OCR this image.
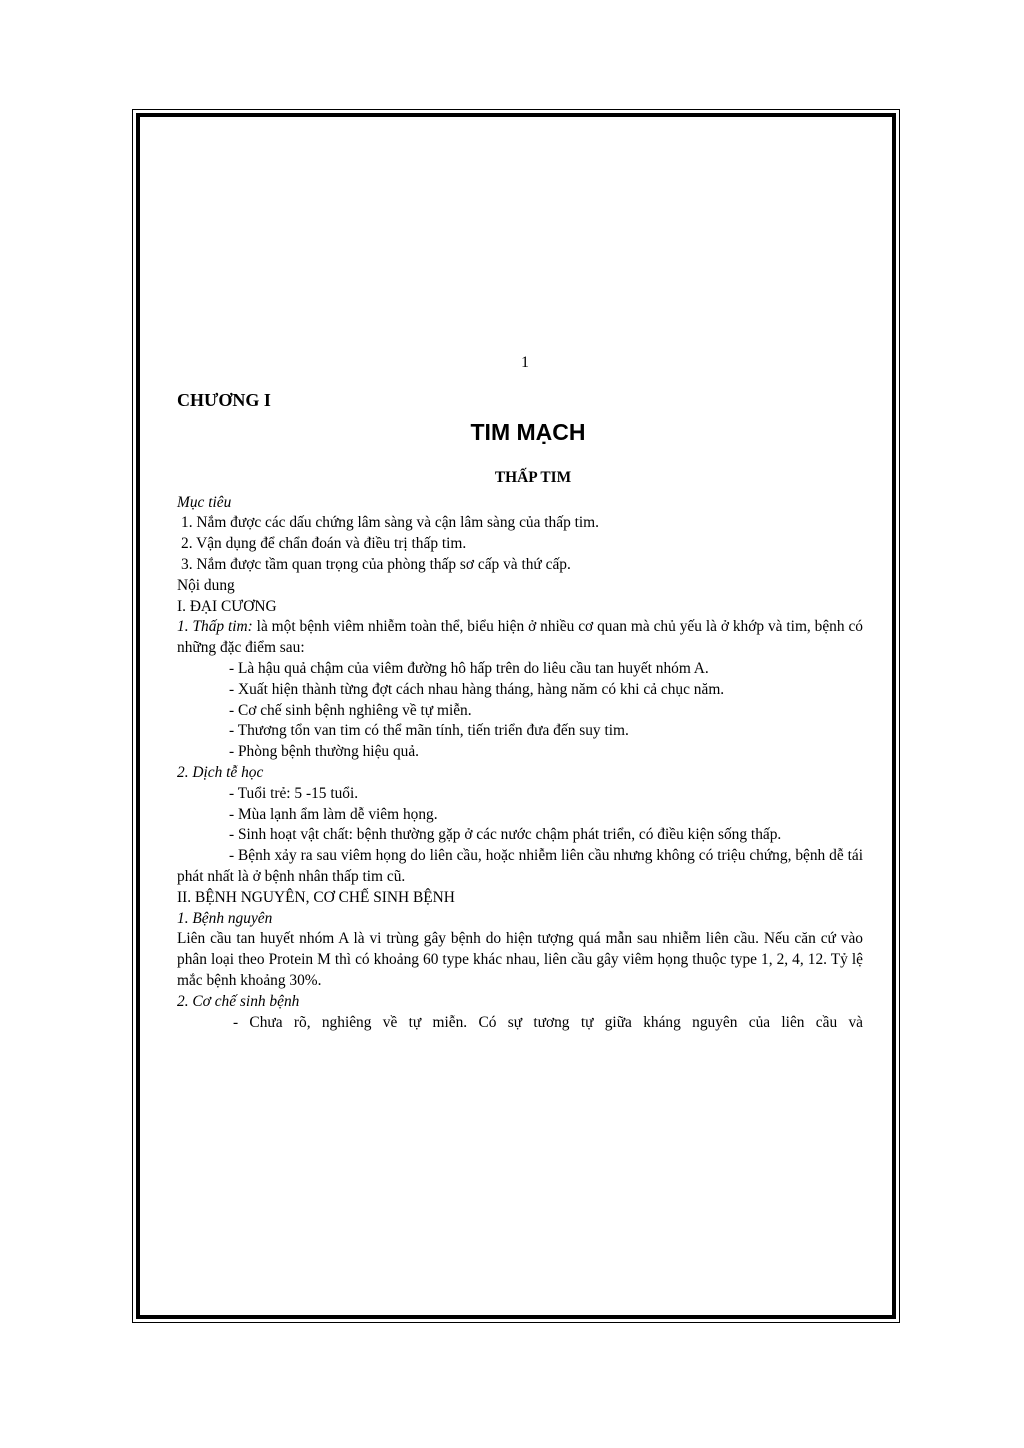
1
CHƯƠNG I
TIM MẠCH
THẤP TIM
Mục tiêu
1. Nắm được các dấu chứng lâm sàng và cận lâm sàng của thấp tim.
2. Vận dụng để chẩn đoán và điều trị thấp tim.
3. Nắm được tầm quan trọng của phòng thấp sơ cấp và thứ cấp.
Nội dung
I. ĐẠI CƯƠNG
1. Thấp tim: là một bệnh viêm nhiễm toàn thể, biểu hiện ở nhiều cơ quan mà chủ yếu là ở khớp và tim, bệnh có những đặc điểm sau:
- Là hậu quả chậm của viêm đường hô hấp trên do liêu cầu tan huyết nhóm A.
- Xuất hiện thành từng đợt cách nhau hàng tháng, hàng năm có khi cả chục năm.
- Cơ chế sinh bệnh nghiêng về tự miễn.
- Thương tổn van tim có thể mãn tính, tiến triển đưa đến suy tim.
- Phòng bệnh thường hiệu quả.
2. Dịch tễ học
- Tuổi trẻ: 5 -15 tuổi.
- Mùa lạnh ẩm làm dễ viêm họng.
- Sinh hoạt vật chất: bệnh thường gặp ở các nước chậm phát triển, có điều kiện sống thấp.
- Bệnh xảy ra sau viêm họng do liên cầu, hoặc nhiễm liên cầu nhưng không có triệu chứng, bệnh dễ tái phát nhất là ở bệnh nhân thấp tim cũ.
II. BỆNH NGUYÊN, CƠ CHẾ SINH BỆNH
1. Bệnh nguyên
Liên cầu tan huyết nhóm A là vi trùng gây bệnh do hiện tượng quá mẫn sau nhiễm liên cầu. Nếu căn cứ vào phân loại theo Protein M thì có khoảng 60 type khác nhau, liên cầu gây viêm họng thuộc type 1, 2, 4, 12. Tỷ lệ mắc bệnh khoảng 30%.
2. Cơ chế sinh bệnh
- Chưa rõ, nghiêng về tự miễn. Có sự tương tự giữa kháng nguyên của liên cầu và
